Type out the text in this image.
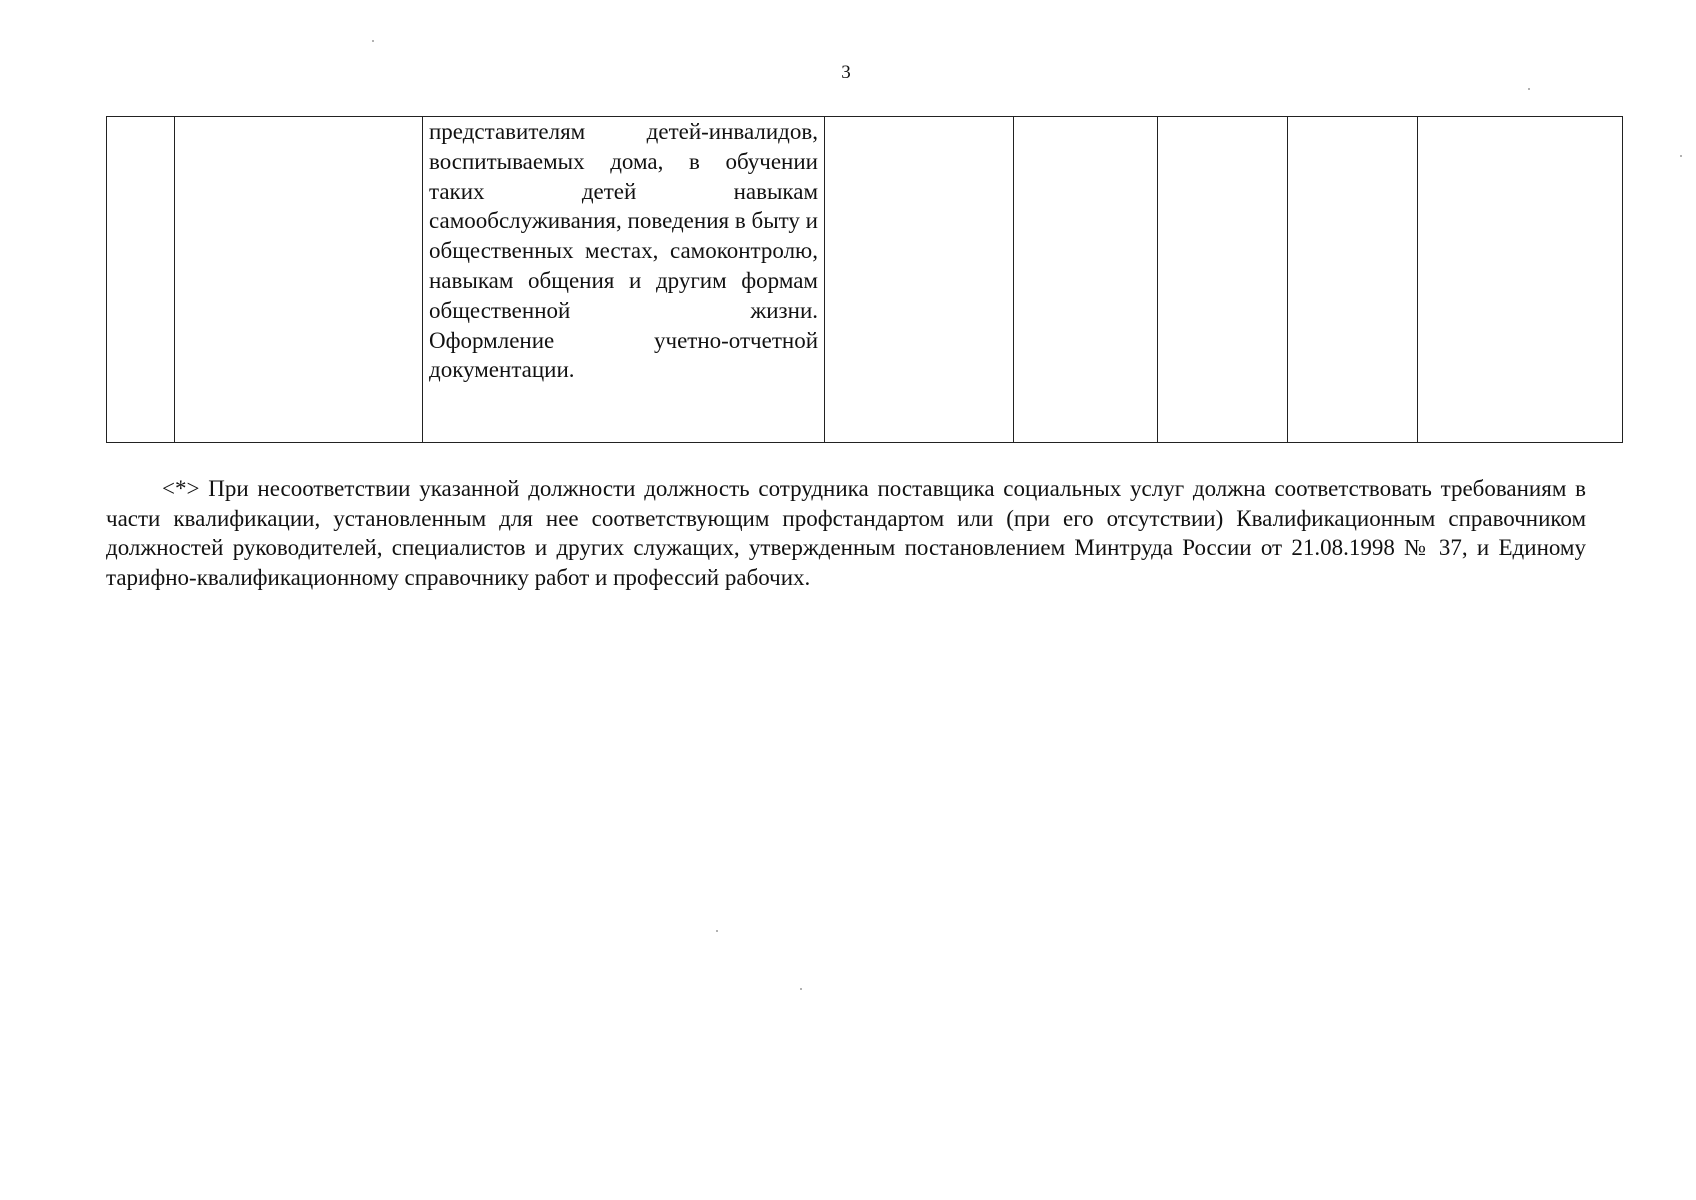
3

представителям детей-инвалидов, воспитываемых дома, в обучении таких детей навыкам самообслуживания, поведения в быту и общественных местах, самоконтролю, навыкам общения и другим формам общественной жизни.

Оформление учетно-отчетной документации.

<*> При несоответствии указанной должности должность сотрудника поставщика социальных услуг должна соответствовать требованиям в части квалификации, установленным для нее соответствующим профстандартом или (при его отсутствии) Квалификационным справочником должностей руководителей, специалистов и других служащих, утвержденным постановлением Минтруда России от 21.08.1998 № 37, и Единому тарифно-квалификационному справочнику работ и профессий рабочих.
